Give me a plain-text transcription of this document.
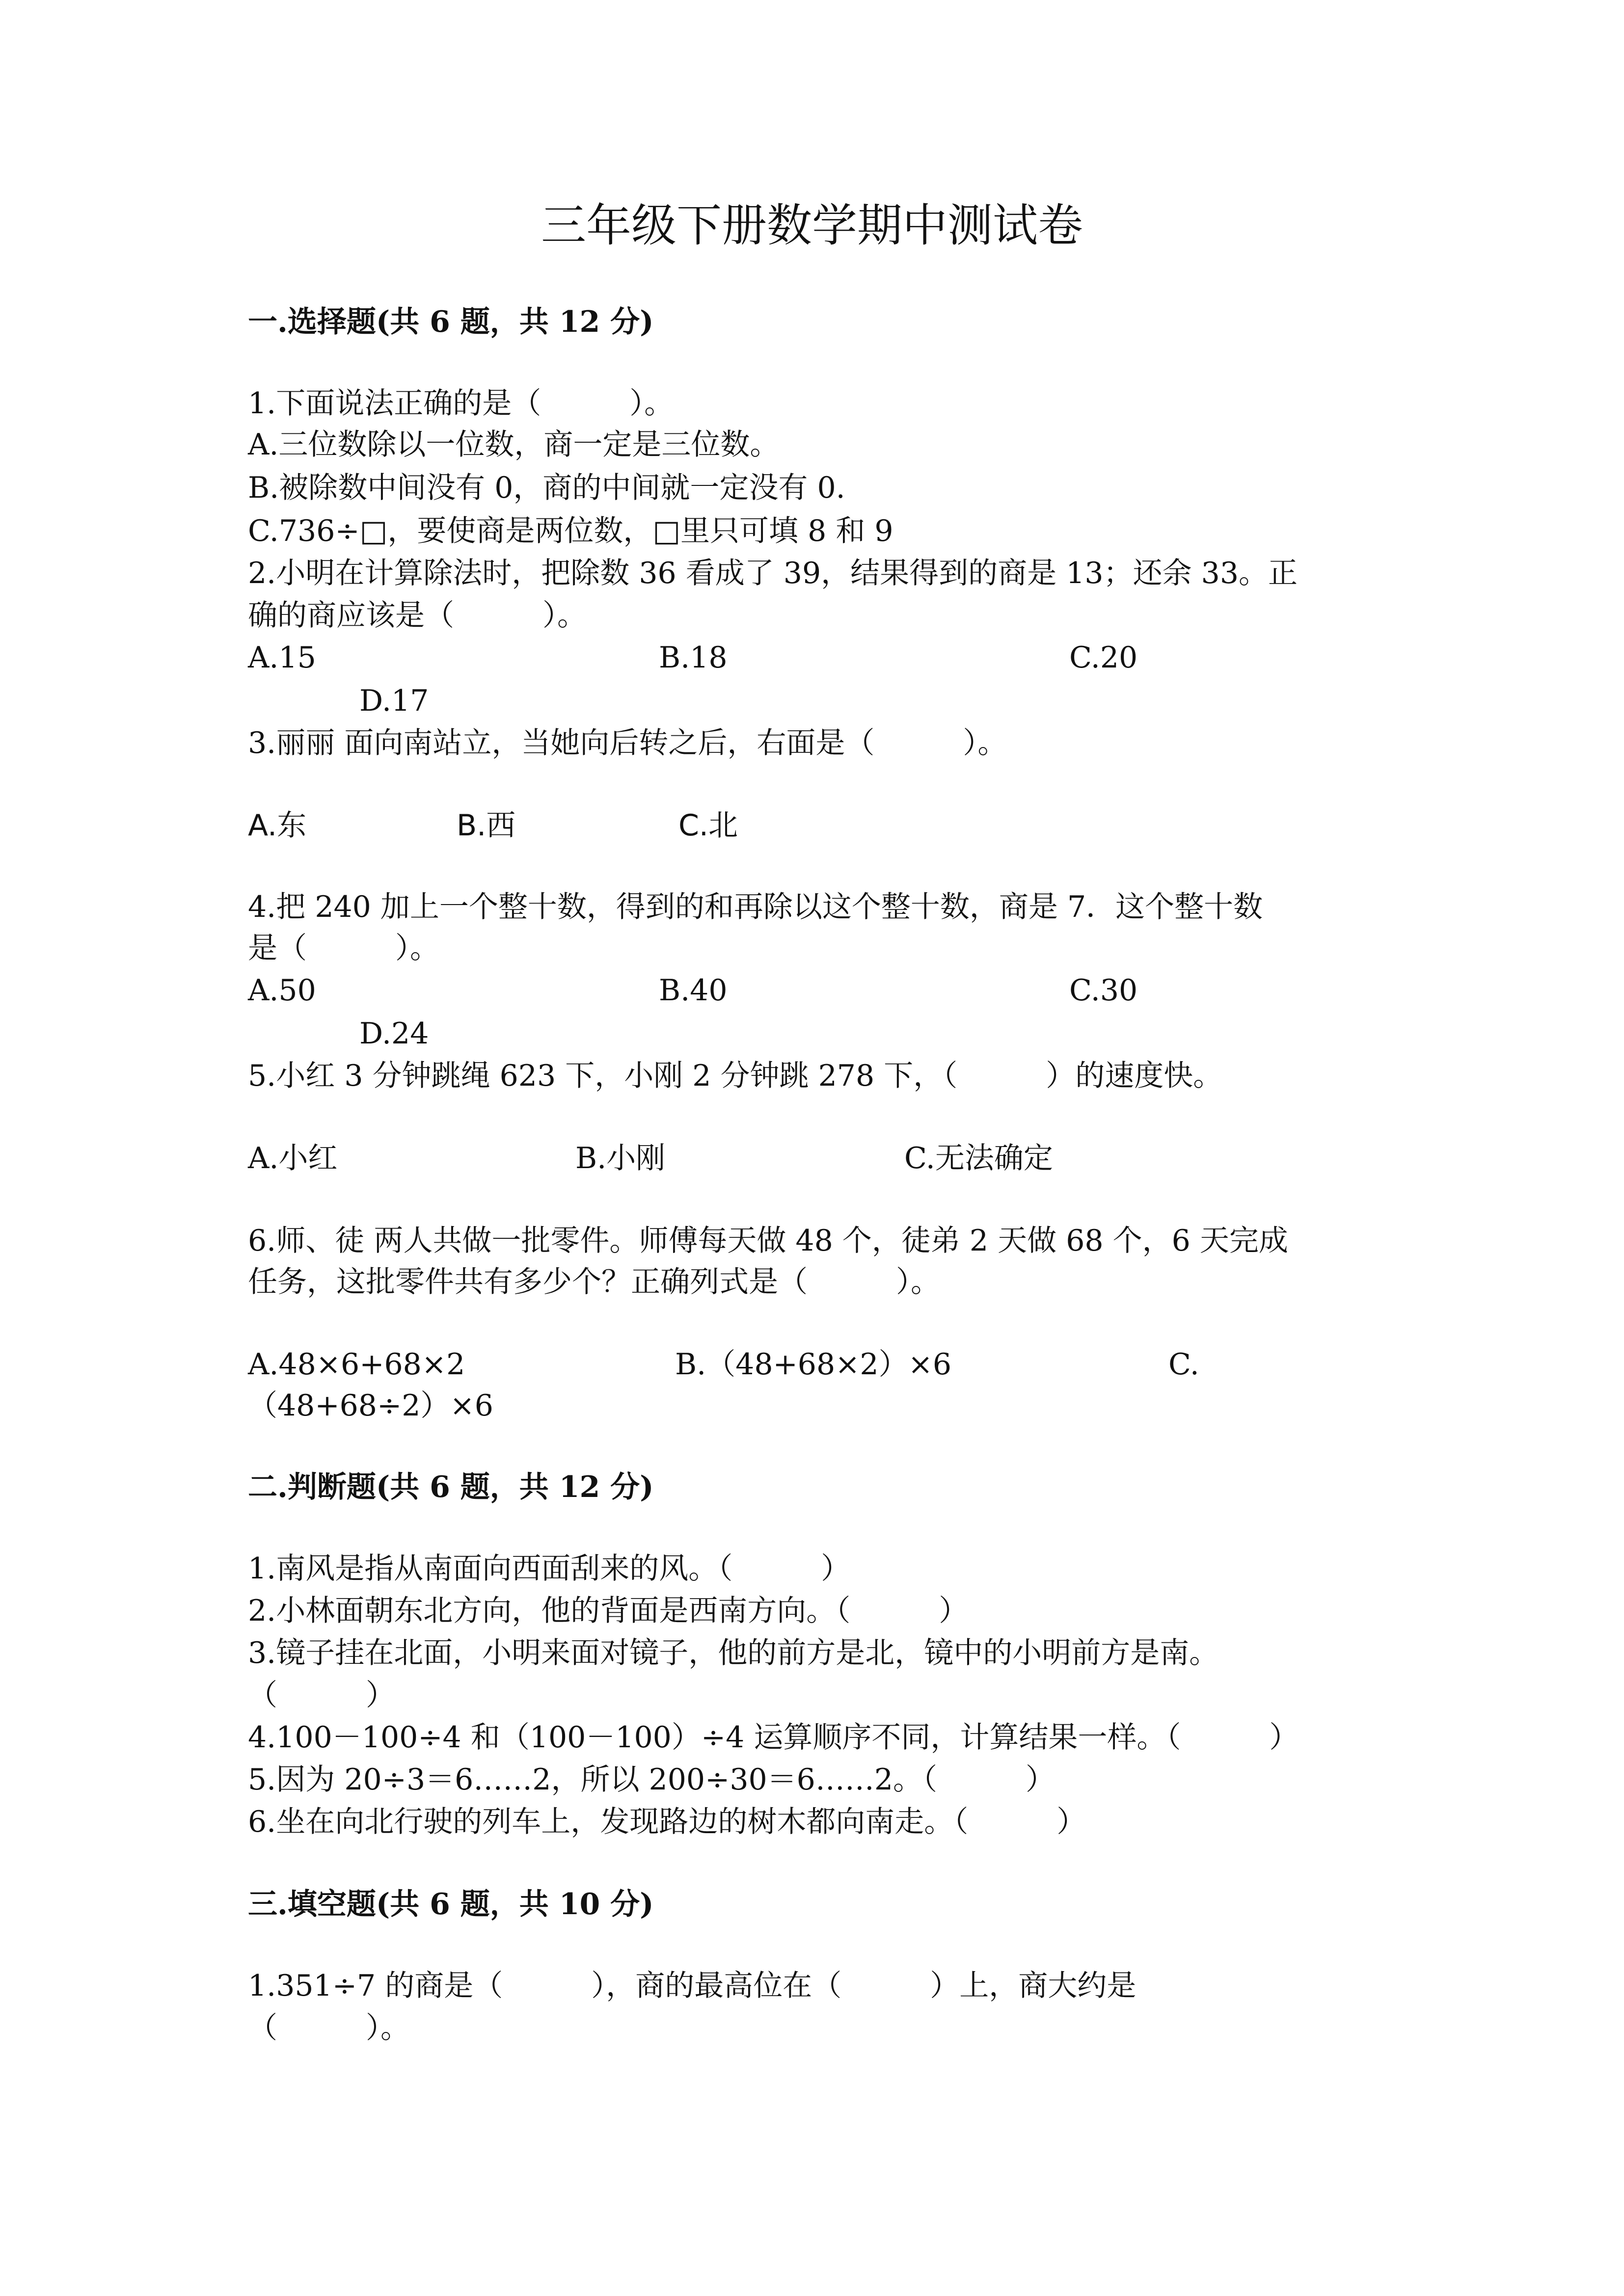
三年级下册数学期中测试卷
一.选择题(共 6 题，共 12 分)
1.下面说法正确的是（　　　）。
A.三位数除以一位数，商一定是三位数。
B.被除数中间没有 0，商的中间就一定没有 0.
C.736÷□，要使商是两位数，□里只可填 8 和 9
2.小明在计算除法时，把除数 36 看成了 39，结果得到的商是 13；还余 33。正
确的商应该是（　　　）。
A.15	B.18	C.20
D.17
3.丽丽 面向南站立，当她向后转之后，右面是（　　　）。
A.东	B.西	C.北
4.把 240 加上一个整十数，得到的和再除以这个整十数，商是 7．这个整十数
是（　　　）。
A.50	B.40	C.30
D.24
5.小红 3 分钟跳绳 623 下，小刚 2 分钟跳 278 下，（　　　）的速度快。
A.小红	B.小刚	C.无法确定
6.师、徒 两人共做一批零件。师傅每天做 48 个，徒弟 2 天做 68 个，6 天完成
任务，这批零件共有多少个？正确列式是（　　　）。
A.48×6+68×2	B.（48+68×2）×6	C.
（48+68÷2）×6
二.判断题(共 6 题，共 12 分)
1.南风是指从南面向西面刮来的风。（　　　）
2.小林面朝东北方向，他的背面是西南方向。（　　　）
3.镜子挂在北面，小明来面对镜子，他的前方是北，镜中的小明前方是南。
（　　　）
4.100－100÷4 和（100－100）÷4 运算顺序不同，计算结果一样。（　　　）
5.因为 20÷3＝6……2，所以 200÷30＝6……2。（　　　）
6.坐在向北行驶的列车上，发现路边的树木都向南走。（　　　）
三.填空题(共 6 题，共 10 分)
1.351÷7 的商是（　　　），商的最高位在（　　　）上，商大约是
（　　　）。
